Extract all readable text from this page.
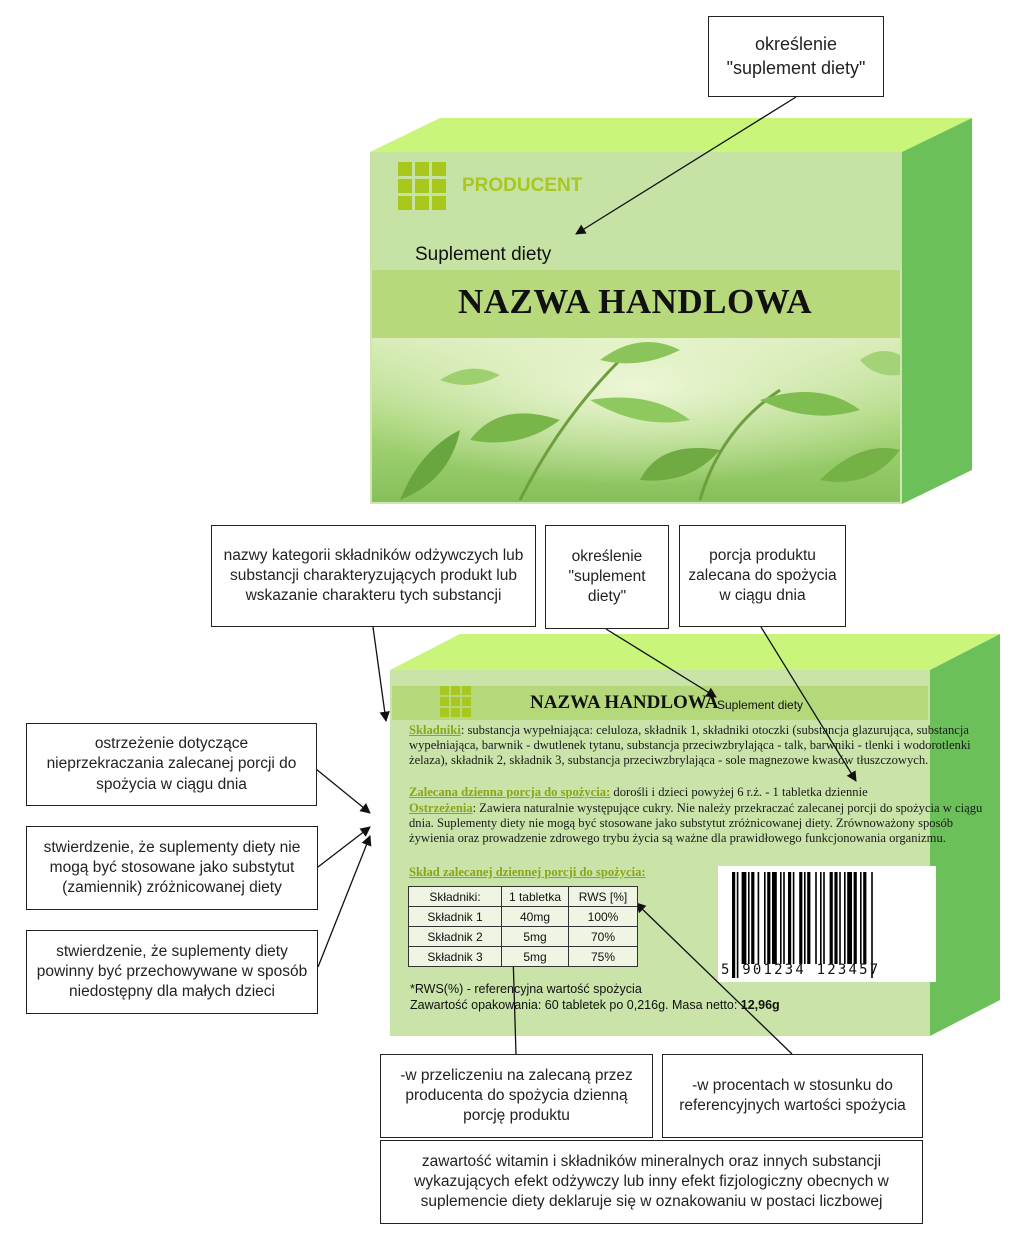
PRODUCENT
Suplement diety
NAZWA HANDLOWA
NAZWA HANDLOWA
Suplement diety
Składniki: substancja wypełniająca: celuloza, składnik 1, składniki otoczki (substancja glazurująca, substancja wypełniająca, barwnik - dwutlenek tytanu, substancja przeciwzbrylająca - talk, barwniki - tlenki i wodorotlenki żelaza), składnik 2, składnik 3, substancja przeciwzbrylająca - sole magnezowe kwasów tłuszczowych.
Zalecana dzienna porcja do spożycia: dorośli i dzieci powyżej 6 r.ż. - 1 tabletka dziennie
Ostrzeżenia: Zawiera naturalnie występujące cukry. Nie należy przekraczać zalecanej porcji do spożycia w ciągu dnia. Suplementy diety nie mogą być stosowane jako substytut zróżnicowanej diety. Zrównoważony sposób żywienia oraz prowadzenie zdrowego trybu życia są ważne dla prawidłowego funkcjonowania organizmu.
Skład zalecanej dziennej porcji do spożycia:
Składniki:	1 tabletka	RWS [%]
Składnik 1	40mg	100%
Składnik 2	5mg	70%
Składnik 3	5mg	75%
*RWS(%) - referencyjna wartość spożycia
Zawartość opakowania: 60 tabletek po 0,216g. Masa netto: 12,96g
5 901234 123457
określenie
"suplement diety"
nazwy kategorii składników odżywczych lub substancji charakteryzujących produkt lub wskazanie charakteru tych substancji
określenie
"suplement
diety"
porcja produktu zalecana do spożycia w ciągu dnia
ostrzeżenie dotyczące nieprzekraczania zalecanej porcji do spożycia w ciągu dnia
stwierdzenie, że suplementy diety nie mogą być stosowane jako substytut (zamiennik) zróżnicowanej diety
stwierdzenie, że suplementy diety powinny być przechowywane w sposób niedostępny dla małych dzieci
-w przeliczeniu na zalecaną przez producenta do spożycia dzienną porcję produktu
-w procentach w stosunku do referencyjnych wartości spożycia
zawartość witamin i składników mineralnych oraz innych substancji wykazujących efekt odżywczy lub inny efekt fizjologiczny obecnych w suplemencie diety deklaruje się w oznakowaniu w postaci liczbowej
